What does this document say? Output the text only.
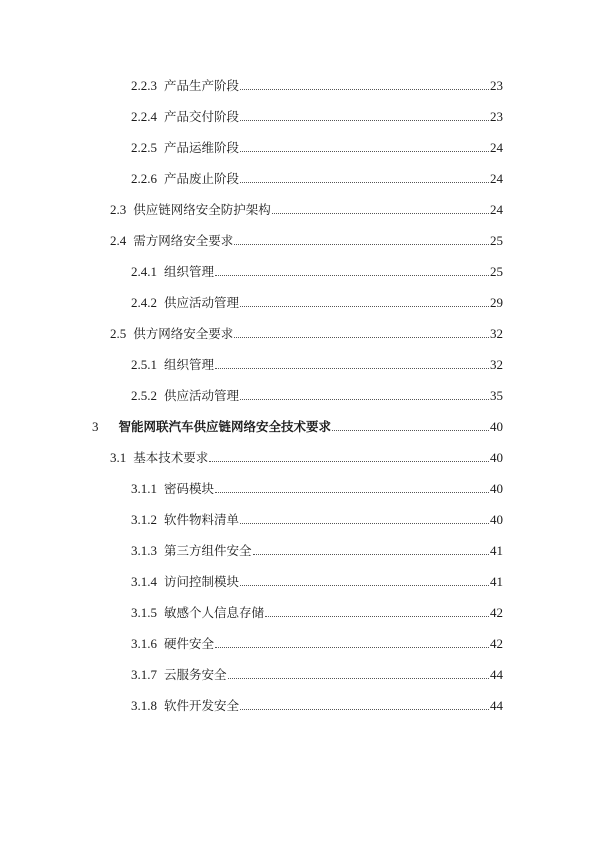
2.2.3 产品生产阶段	23
2.2.4 产品交付阶段	23
2.2.5 产品运维阶段	24
2.2.6 产品废止阶段	24
2.3 供应链网络安全防护架构	24
2.4 需方网络安全要求	25
2.4.1 组织管理	25
2.4.2 供应活动管理	29
2.5 供方网络安全要求	32
2.5.1 组织管理	32
2.5.2 供应活动管理	35
3 智能网联汽车供应链网络安全技术要求	40
3.1 基本技术要求	40
3.1.1 密码模块	40
3.1.2 软件物料清单	40
3.1.3 第三方组件安全	41
3.1.4 访问控制模块	41
3.1.5 敏感个人信息存储	42
3.1.6 硬件安全	42
3.1.7 云服务安全	44
3.1.8 软件开发安全	44
